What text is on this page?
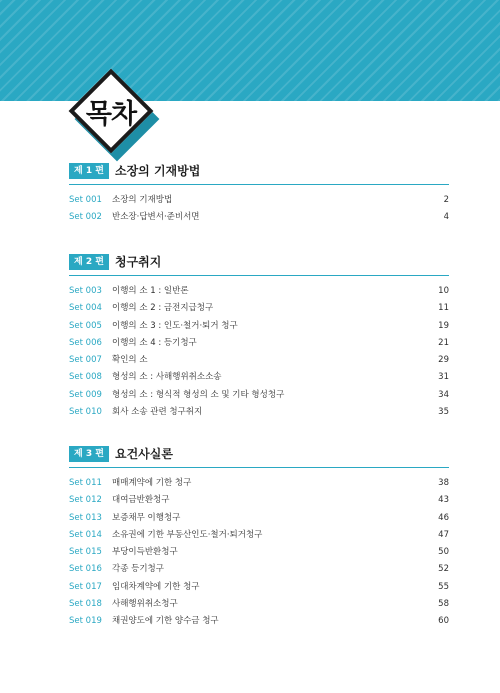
목차
제 1 편 소장의 기재방법
Set 001	소장의 기재방법	2
Set 002	반소장·답변서·준비서면	4
제 2 편 청구취지
Set 003	이행의 소 1 : 일반론	10
Set 004	이행의 소 2 : 금전지급청구	11
Set 005	이행의 소 3 : 인도·철거·퇴거 청구	19
Set 006	이행의 소 4 : 등기청구	21
Set 007	확인의 소	29
Set 008	형성의 소 : 사해행위취소소송	31
Set 009	형성의 소 : 형식적 형성의 소 및 기타 형성청구	34
Set 010	회사 소송 관련 청구취지	35
제 3 편 요건사실론
Set 011	매매계약에 기한 청구	38
Set 012	대여금반환청구	43
Set 013	보증채무 이행청구	46
Set 014	소유권에 기한 부동산인도·철거·퇴거청구	47
Set 015	부당이득반환청구	50
Set 016	각종 등기청구	52
Set 017	임대차계약에 기한 청구	55
Set 018	사해행위취소청구	58
Set 019	채권양도에 기한 양수금 청구	60
